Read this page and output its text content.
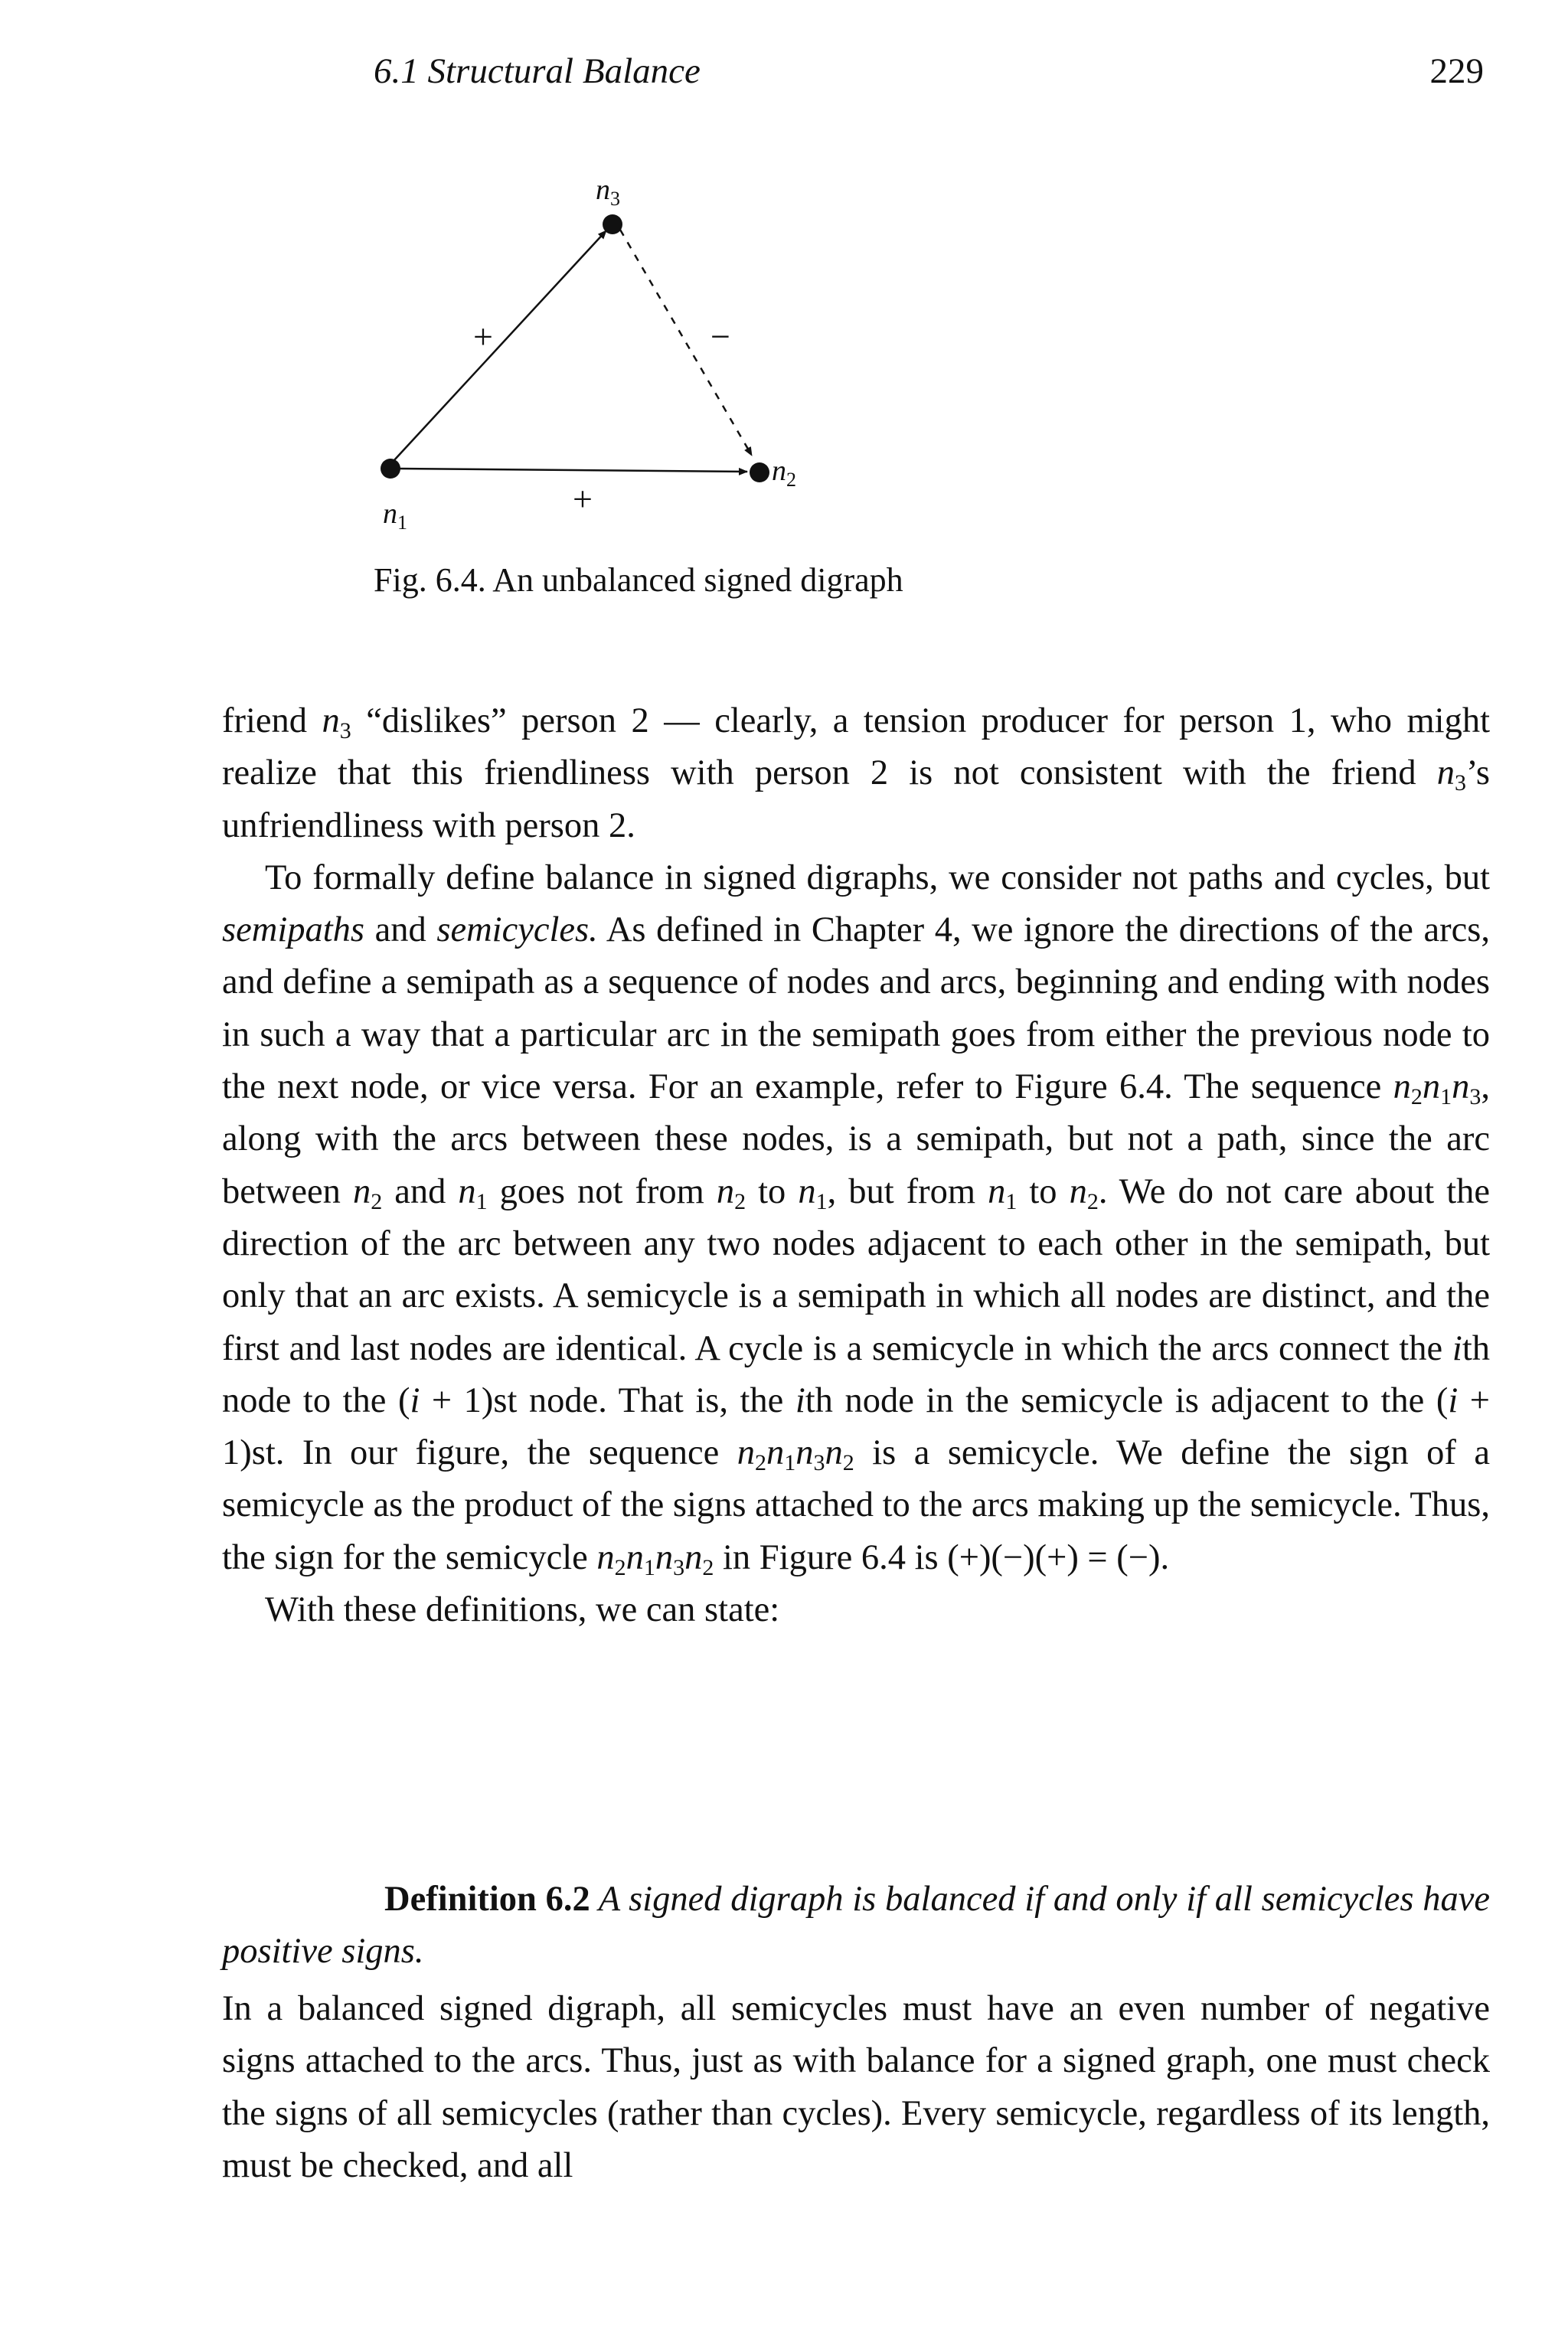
6.1 Structural Balance	229
$n_3$
$n_2$
$n_1$
+	−
+
Fig. 6.4. An unbalanced signed digraph

friend $n_3$ “dislikes” person 2 — clearly, a tension producer for person 1, who might realize that this friendliness with person 2 is not consistent with the friend $n_3’s$ unfriendliness with person 2.

To formally define balance in signed digraphs, we consider not paths and cycles, but semipaths and semicycles. As defined in Chapter 4, we ignore the directions of the arcs, and define a semipath as a sequence of nodes and arcs, beginning and ending with nodes in such a way that a particular arc in the semipath goes from either the previous node to the next node, or vice versa. For an example, refer to Figure 6.4. The sequence $n_2n_1n_3$, along with the arcs between these nodes, is a semipath, but not a path, since the arc between $n_2$ and $n_1$ goes not from $n_2$ to $n_1$, but from $n_1$ to $n_2$. We do not care about the direction of the arc between any two nodes adjacent to each other in the semipath, but only that an arc exists. A semicycle is a semipath in which all nodes are distinct, and the first and last nodes are identical. A cycle is a semicycle in which the arcs connect the ith node to the (i + 1)st node. That is, the ith node in the semicycle is adjacent to the (i + 1)st. In our figure, the sequence $n_2n_1n_3n_2$ is a semicycle. We define the sign of a semicycle as the product of the signs attached to the arcs making up the semicycle. Thus, the sign for the semicycle $n_2n_1n_3n_2$ in Figure 6.4 is (+)(−)(+) = (−).

With these definitions, we can state:

Definition 6.2 A signed digraph is balanced if and only if all semicycles have positive signs.

In a balanced signed digraph, all semicycles must have an even number of negative signs attached to the arcs. Thus, just as with balance for a signed graph, one must check the signs of all semicycles (rather than cycles). Every semicycle, regardless of its length, must be checked, and all
